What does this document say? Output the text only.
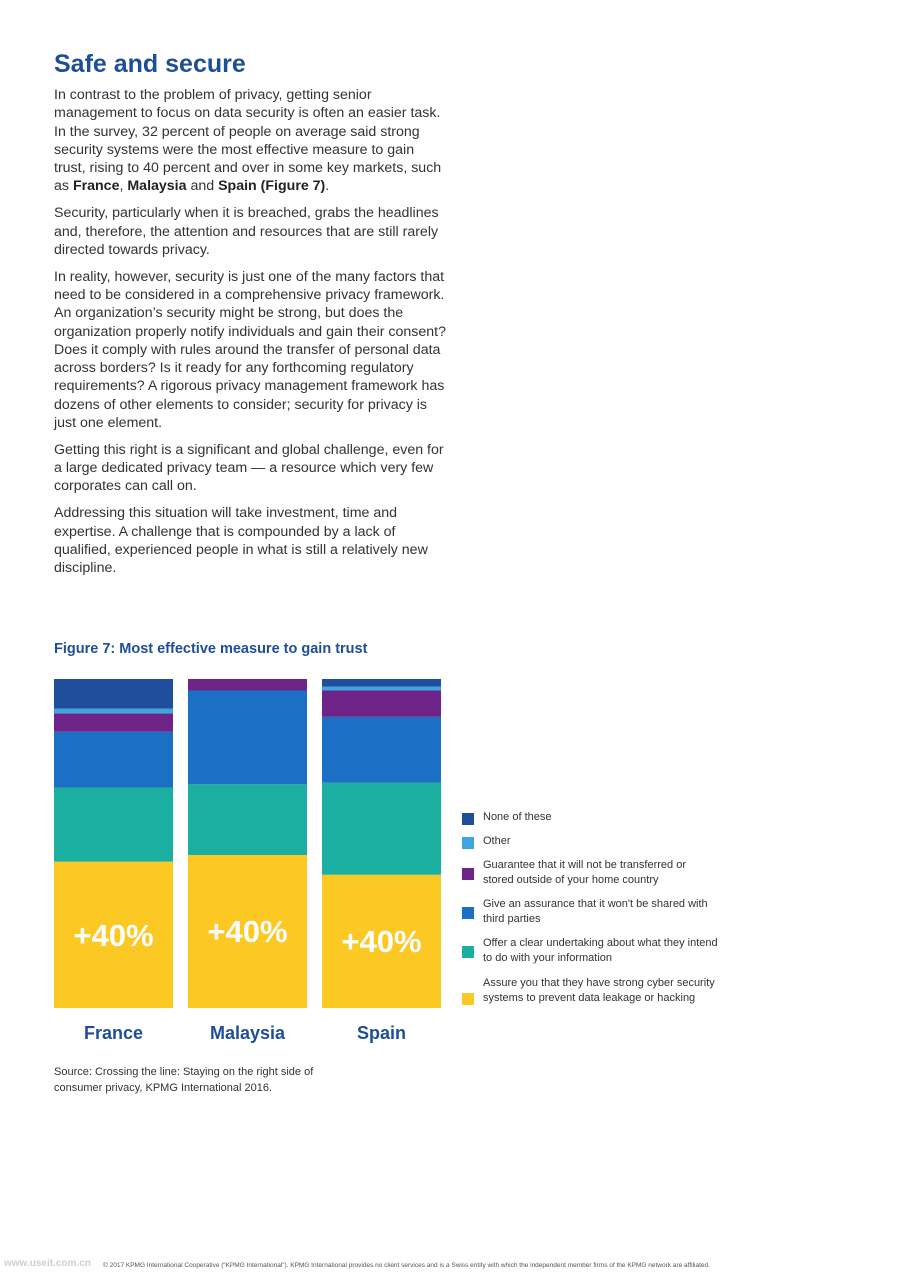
Safe and secure

In contrast to the problem of privacy, getting senior management to focus on data security is often an easier task. In the survey, 32 percent of people on average said strong security systems were the most effective measure to gain trust, rising to 40 percent and over in some key markets, such as France, Malaysia and Spain (Figure 7).

Security, particularly when it is breached, grabs the headlines and, therefore, the attention and resources that are still rarely directed towards privacy.

In reality, however, security is just one of the many factors that need to be considered in a comprehensive privacy framework. An organization’s security might be strong, but does the organization properly notify individuals and gain their consent? Does it comply with rules around the transfer of personal data across borders? Is it ready for any forthcoming regulatory requirements? A rigorous privacy management framework has dozens of other elements to consider; security for privacy is just one element.

Getting this right is a significant and global challenge, even for a large dedicated privacy team — a resource which very few corporates can call on.

Addressing this situation will take investment, time and expertise. A challenge that is compounded by a lack of qualified, experienced people in what is still a relatively new discipline.

Figure 7: Most effective measure to gain trust
+40%
France
+40%
Malaysia
+40%
Spain
None of these
Other
Guarantee that it will not be transferred or stored outside of your home country
Give an assurance that it won't be shared with third parties
Offer a clear undertaking about what they intend to do with your information
Assure you that they have strong cyber security systems to prevent data leakage or hacking
Source: Crossing the line: Staying on the right side of consumer privacy, KPMG International 2016.
www.useit.com.cn © 2017 KPMG International Cooperative (“KPMG International”). KPMG International provides no client services and is a Swiss entity with which the independent member firms of the KPMG network are affiliated.
